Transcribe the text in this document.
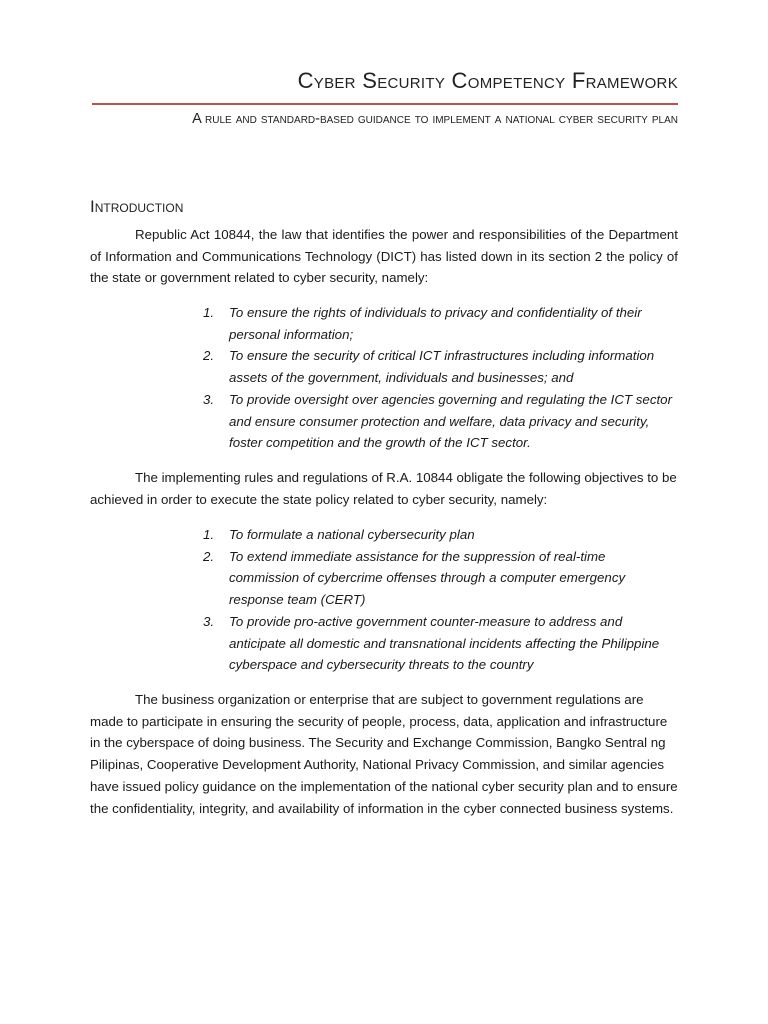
Cyber Security Competency Framework
A rule and standard-based guidance to implement a national cyber security plan
Introduction

Republic Act 10844, the law that identifies the power and responsibilities of the Department of Information and Communications Technology (DICT) has listed down in its section 2 the policy of the state or government related to cyber security, namely:

1. To ensure the rights of individuals to privacy and confidentiality of their personal information;
2. To ensure the security of critical ICT infrastructures including information assets of the government, individuals and businesses; and
3. To provide oversight over agencies governing and regulating the ICT sector and ensure consumer protection and welfare, data privacy and security, foster competition and the growth of the ICT sector.

The implementing rules and regulations of R.A. 10844 obligate the following objectives to be achieved in order to execute the state policy related to cyber security, namely:

1. To formulate a national cybersecurity plan
2. To extend immediate assistance for the suppression of real-time commission of cybercrime offenses through a computer emergency response team (CERT)
3. To provide pro-active government counter-measure to address and anticipate all domestic and transnational incidents affecting the Philippine cyberspace and cybersecurity threats to the country

The business organization or enterprise that are subject to government regulations are made to participate in ensuring the security of people, process, data, application and infrastructure in the cyberspace of doing business. The Security and Exchange Commission, Bangko Sentral ng Pilipinas, Cooperative Development Authority, National Privacy Commission, and similar agencies have issued policy guidance on the implementation of the national cyber security plan and to ensure the confidentiality, integrity, and availability of information in the cyber connected business systems.
